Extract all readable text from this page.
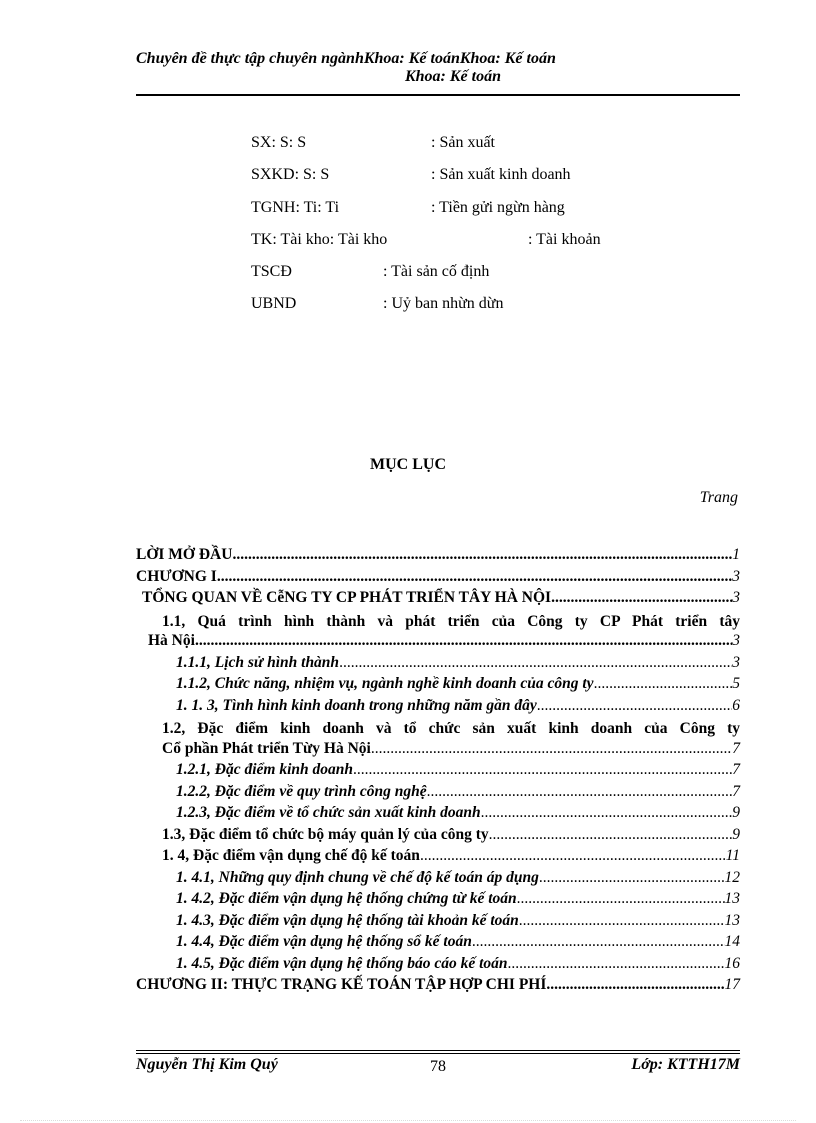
Chuyên đề thực tập chuyên ngànhKhoa: Kế toánKhoa: Kế toán
Khoa: Kế toán
SX: S: S	: Sản xuất
SXKD: S: S	: Sản xuất kinh doanh
TGNH: Ti: Ti	: Tiền gửi ngừn hàng
TK: Tài kho: Tài kho	: Tài khoản
TSCĐ	: Tài sản cố định
UBND	: Uỷ ban nhừn dừn
MỤC LỤC
Trang
LỜI MỞ ĐẦU .....	1
CHƯƠNG I .....	3
TỔNG QUAN VỀ CễNG TY CP PHÁT TRIỂN TÂY HÀ NỘI .....	3
1.1, Quá trình hình thành và phát triển của Công ty CP Phát triển tây
Hà Nội .....	3
1.1.1, Lịch sử hình thành .....	3
1.1.2, Chức năng, nhiệm vụ, ngành nghề kinh doanh của công ty .....	5
1. 1. 3, Tình hình kinh doanh trong những năm gần đây .....	6
1.2, Đặc điểm kinh doanh và tổ chức sản xuất kinh doanh của Công ty
Cổ phần Phát triển Từy Hà Nội .....	7
1.2.1, Đặc điểm kinh doanh .....	7
1.2.2, Đặc điểm về quy trình công nghệ .....	7
1.2.3, Đặc điểm về tổ chức sản xuất kinh doanh .....	9
1.3, Đặc điểm tổ chức bộ máy quản lý của công ty .....	9
1. 4, Đặc điểm vận dụng chế độ kế toán .....	11
1. 4.1, Những quy định chung về chế độ kế toán áp dụng .....	12
1. 4.2, Đặc điểm vận dụng hệ thống chứng từ kế toán .....	13
1. 4.3, Đặc điểm vận dụng hệ thống tài khoản kế toán .....	13
1. 4.4, Đặc điểm vận dụng hệ thống sổ kế toán .....	14
1. 4.5, Đặc điểm vận dụng hệ thống báo cáo kế toán .....	16
CHƯƠNG II: THỰC TRẠNG KẾ TOÁN TẬP HỢP CHI PHÍ .....	17
Nguyễn Thị Kim Quý	78	Lớp: KTTH17M
